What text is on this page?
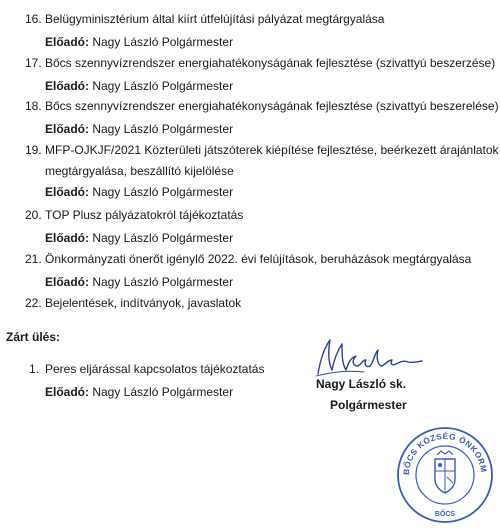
16. Belügyminisztérium által kiírt útfelújítási pályázat megtárgyalása
Előadó: Nagy László Polgármester
17. Bőcs szennyvízrendszer energiahatékonyságának fejlesztése (szivattyú beszerzése)
Előadó: Nagy László Polgármester
18. Bőcs szennyvízrendszer energiahatékonyságának fejlesztése (szivattyú beszerelése)
Előadó: Nagy László Polgármester
19. MFP-OJKJF/2021 Közterületi játszóterek kiépítése fejlesztése, beérkezett árajánlatok
megtárgyalása, beszállító kijelölése
Előadó: Nagy László Polgármester
20. TOP Plusz pályázatokról tájékoztatás
Előadó: Nagy László Polgármester
21. Önkormányzati önerőt igénylő 2022. évi felújítások, beruházások megtárgyalása
Előadó: Nagy László Polgármester
22. Bejelentések, indítványok, javaslatok
Zárt ülés:
1. Peres eljárással kapcsolatos tájékoztatás
Előadó: Nagy László Polgármester
Nagy László sk.
Polgármester
BŐCS KÖZSÉG ÖNKORM
BŐCS
